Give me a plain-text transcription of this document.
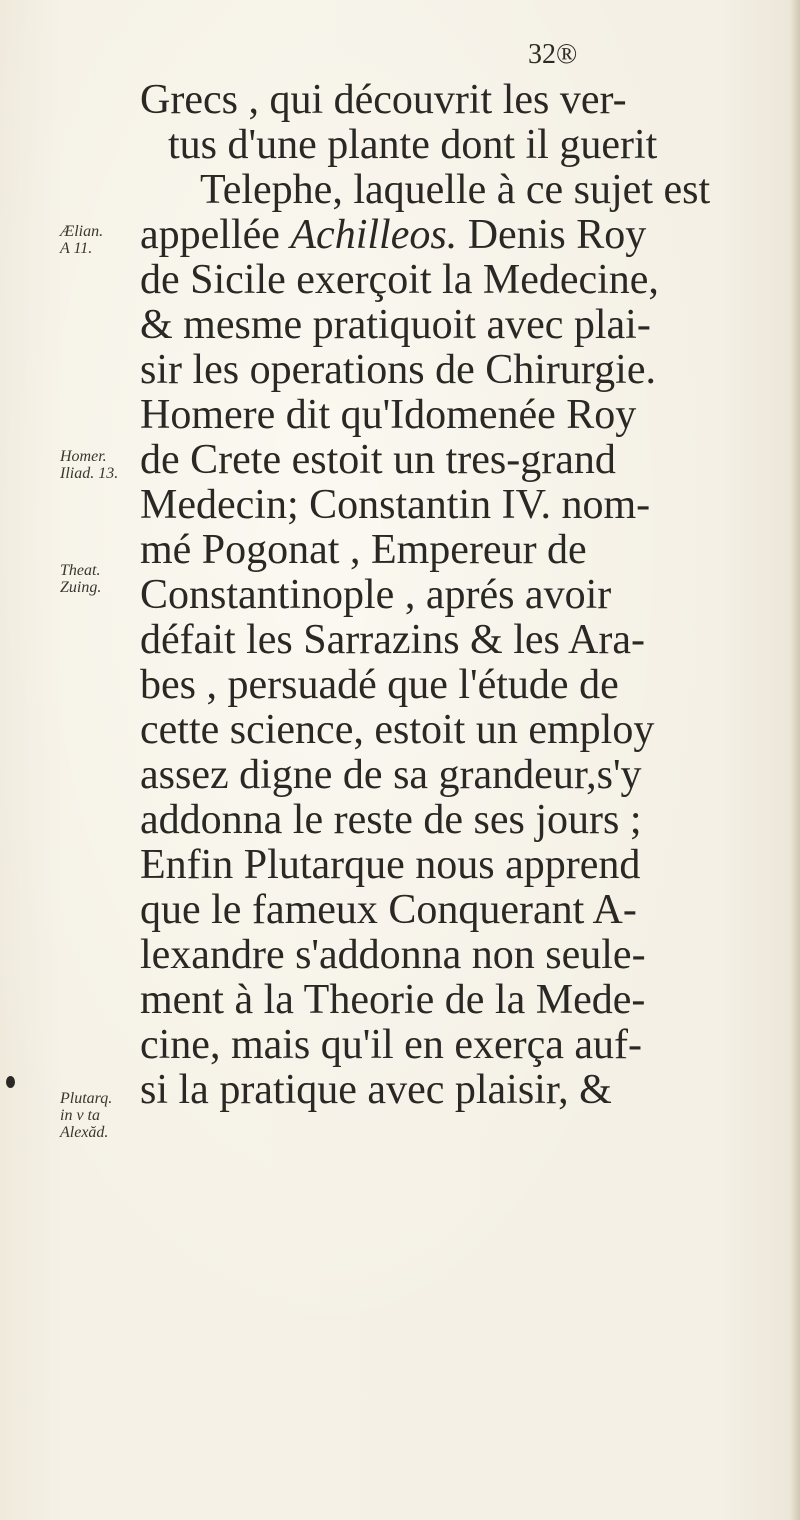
32®
Grecs , qui découvrit les ver-
tus d'une plante dont il guerit
Telephe, laquelle à ce sujet est
appellée Achilleos. Denis Roy
de Sicile exerçoit la Medecine,
& mesme pratiquoit avec plai-
sir les operations de Chirurgie.
Homere dit qu'Idomenée Roy
de Crete estoit un tres-grand
Medecin; Constantin IV. nom-
mé Pogonat , Empereur de
Constantinople , aprés avoir
défait les Sarrazins & les Ara-
bes , persuadé que l'étude de
cette science, estoit un employ
assez digne de sa grandeur,s'y
addonna le reste de ses jours ;
Enfin Plutarque nous apprend
que le fameux Conquerant A-
lexandre s'addonna non seule-
ment à la Theorie de la Mede-
cine, mais qu'il en exerça auf-
si la pratique avec plaisir, &
Ælian.
A 11.
Homer.
Iliad. 13.
Theat.
Zuing.
Plutarq.
in v ta
Alexăd.
